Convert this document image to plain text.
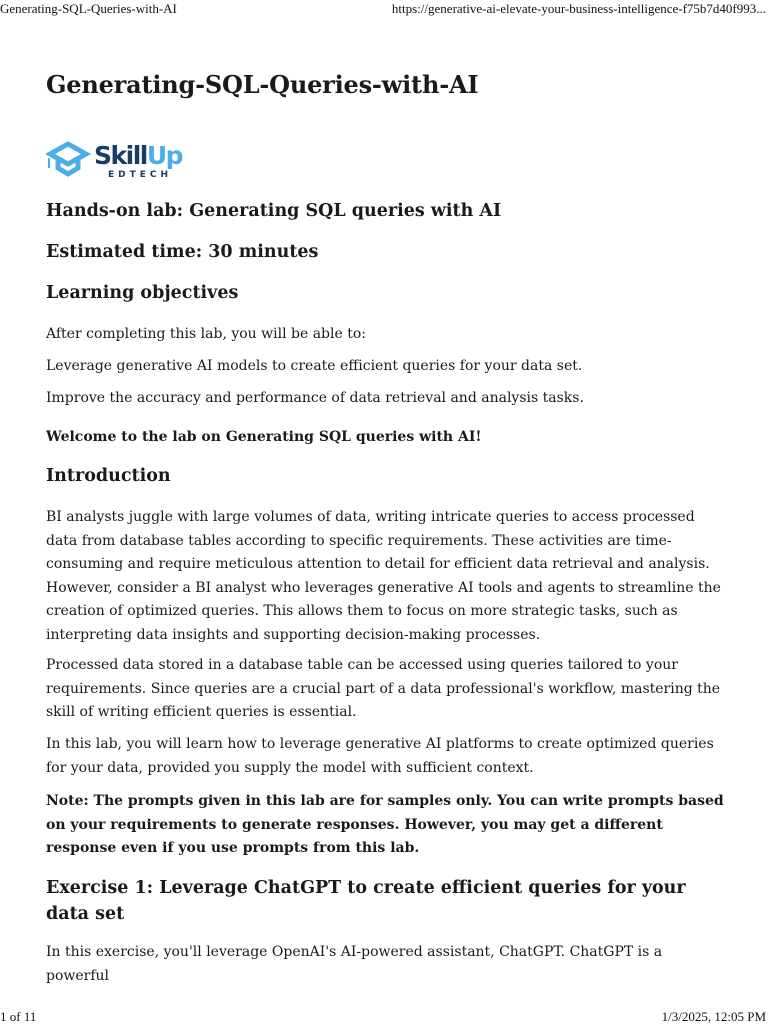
Generating-SQL-Queries-with-AI	https://generative-ai-elevate-your-business-intelligence-f75b7d40f993...
Generating-SQL-Queries-with-AI
SkillUp
EDTECH
Hands-on lab: Generating SQL queries with AI
Estimated time: 30 minutes
Learning objectives

After completing this lab, you will be able to:

Leverage generative AI models to create efficient queries for your data set.

Improve the accuracy and performance of data retrieval and analysis tasks.

Welcome to the lab on Generating SQL queries with AI!

Introduction

BI analysts juggle with large volumes of data, writing intricate queries to access processed data from database tables according to specific requirements. These activities are time-consuming and require meticulous attention to detail for efficient data retrieval and analysis. However, consider a BI analyst who leverages generative AI tools and agents to streamline the creation of optimized queries. This allows them to focus on more strategic tasks, such as interpreting data insights and supporting decision-making processes.

Processed data stored in a database table can be accessed using queries tailored to your requirements. Since queries are a crucial part of a data professional's workflow, mastering the skill of writing efficient queries is essential.

In this lab, you will learn how to leverage generative AI platforms to create optimized queries for your data, provided you supply the model with sufficient context.

Note: The prompts given in this lab are for samples only. You can write prompts based on your requirements to generate responses. However, you may get a different response even if you use prompts from this lab.

Exercise 1: Leverage ChatGPT to create efficient queries for your data set

In this exercise, you'll leverage OpenAI's AI-powered assistant, ChatGPT. ChatGPT is a powerful

1 of 11	1/3/2025, 12:05 PM
